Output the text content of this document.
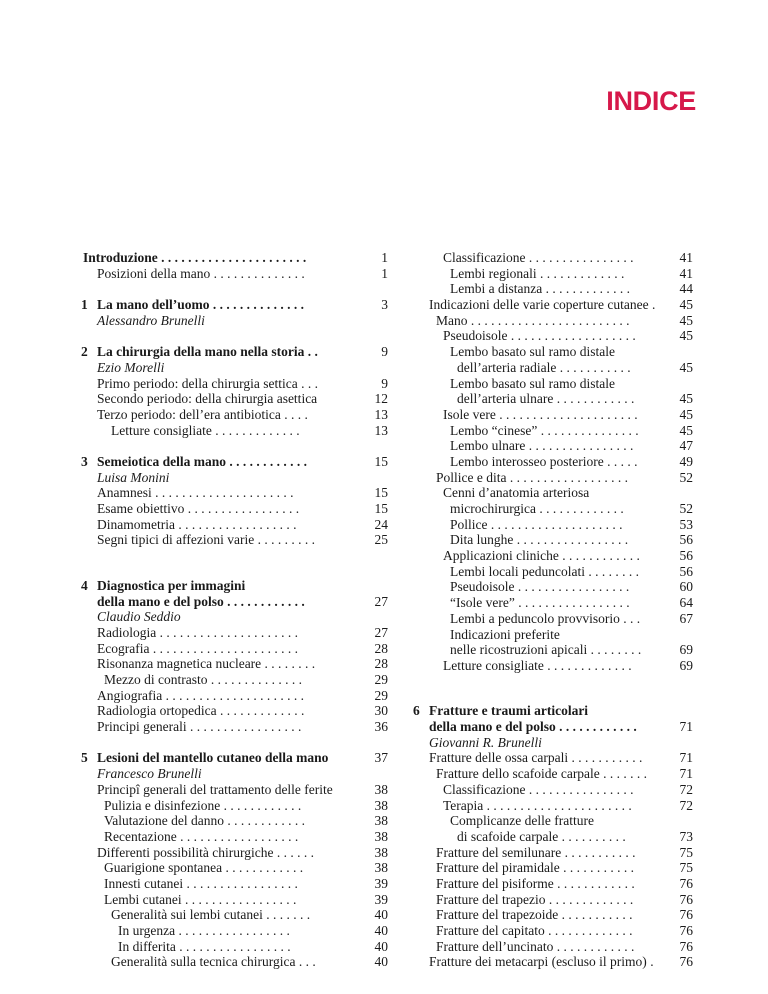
INDICE
Introduzione . . . . . . . . . . . . . . . . . . . . . .	1
Posizioni della mano . . . . . . . . . . . . . .	1
1 La mano dell’uomo . . . . . . . . . . . . . .	3
Alessandro Brunelli
2 La chirurgia della mano nella storia . .	9
Ezio Morelli
Primo periodo: della chirurgia settica . . .	9
Secondo periodo: della chirurgia asettica	12
Terzo periodo: dell’era antibiotica . . . .	13
Letture consigliate . . . . . . . . . . . . .	13
3 Semeiotica della mano . . . . . . . . . . . .	15
Luisa Monini
Anamnesi . . . . . . . . . . . . . . . . . . . . .	15
Esame obiettivo . . . . . . . . . . . . . . . . .	15
Dinamometria . . . . . . . . . . . . . . . . . .	24
Segni tipici di affezioni varie . . . . . . . . .	25
4 Diagnostica per immagini
della mano e del polso . . . . . . . . . . . .	27
Claudio Seddio
Radiologia . . . . . . . . . . . . . . . . . . . . .	27
Ecografia . . . . . . . . . . . . . . . . . . . . . .	28
Risonanza magnetica nucleare . . . . . . . .	28
Mezzo di contrasto . . . . . . . . . . . . . .	29
Angiografia . . . . . . . . . . . . . . . . . . . . .	29
Radiologia ortopedica . . . . . . . . . . . . .	30
Principi generali . . . . . . . . . . . . . . . . .	36
5 Lesioni del mantello cutaneo della mano	37
Francesco Brunelli
Principî generali del trattamento delle ferite	38
Pulizia e disinfezione . . . . . . . . . . . .	38
Valutazione del danno . . . . . . . . . . . .	38
Recentazione . . . . . . . . . . . . . . . . . .	38
Differenti possibilità chirurgiche . . . . . .	38
Guarigione spontanea . . . . . . . . . . . .	38
Innesti cutanei . . . . . . . . . . . . . . . . .	39
Lembi cutanei . . . . . . . . . . . . . . . . .	39
Generalità sui lembi cutanei . . . . . . .	40
In urgenza . . . . . . . . . . . . . . . . .	40
In differita . . . . . . . . . . . . . . . . .	40
Generalità sulla tecnica chirurgica . . .	40
Classificazione . . . . . . . . . . . . . . . .	41
Lembi regionali . . . . . . . . . . . . .	41
Lembi a distanza . . . . . . . . . . . . .	44
Indicazioni delle varie coperture cutanee . 45
Mano . . . . . . . . . . . . . . . . . . . . . . . .	45
Pseudoisole . . . . . . . . . . . . . . . . . . .	45
Lembo basato sul ramo distale
dell’arteria radiale . . . . . . . . . . .	45
Lembo basato sul ramo distale
dell’arteria ulnare . . . . . . . . . . . .	45
Isole vere . . . . . . . . . . . . . . . . . . . . .	45
Lembo “cinese” . . . . . . . . . . . . . . .	45
Lembo ulnare . . . . . . . . . . . . . . . .	47
Lembo interosseo posteriore . . . . .	49
Pollice e dita . . . . . . . . . . . . . . . . . .	52
Cenni d’anatomia arteriosa
microchirurgica . . . . . . . . . . . . .	52
Pollice . . . . . . . . . . . . . . . . . . . .	53
Dita lunghe . . . . . . . . . . . . . . . . .	56
Applicazioni cliniche . . . . . . . . . . . .	56
Lembi locali peduncolati . . . . . . . .	56
Pseudoisole . . . . . . . . . . . . . . . . .	60
“Isole vere” . . . . . . . . . . . . . . . . .	64
Lembi a peduncolo provvisorio . . .	67
Indicazioni preferite
nelle ricostruzioni apicali . . . . . . . .	69
Letture consigliate . . . . . . . . . . . . .	69
6 Fratture e traumi articolari
della mano e del polso . . . . . . . . . . . .	71
Giovanni R. Brunelli
Fratture delle ossa carpali . . . . . . . . . . .	71
Fratture dello scafoide carpale . . . . . . . 71
Classificazione . . . . . . . . . . . . . . . .	72
Terapia . . . . . . . . . . . . . . . . . . . . . .	72
Complicanze delle fratture
di scafoide carpale . . . . . . . . . .	73
Fratture del semilunare . . . . . . . . . . .	75
Fratture del piramidale . . . . . . . . . . .	75
Fratture del pisiforme . . . . . . . . . . . .	76
Fratture del trapezio . . . . . . . . . . . . .	76
Fratture del trapezoide . . . . . . . . . . .	76
Fratture del capitato . . . . . . . . . . . . .	76
Fratture dell’uncinato . . . . . . . . . . . .	76
Fratture dei metacarpi (escluso il primo) . 76
